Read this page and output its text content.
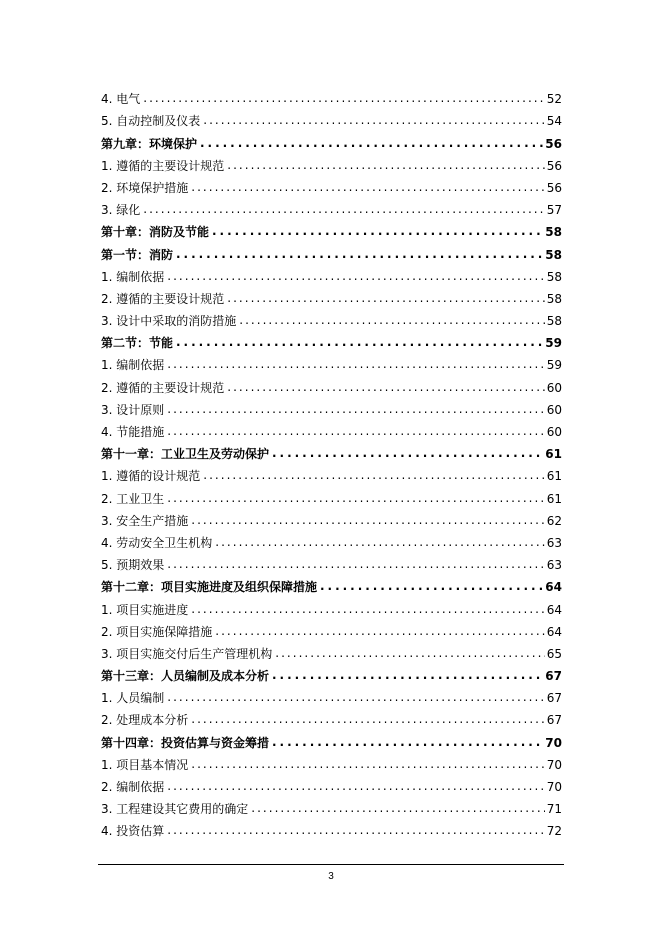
4. 电气 . . .	52
5. 自动控制及仪表 . . .	54
第九章：环境保护 . . .	56
1. 遵循的主要设计规范 . . .	56
2. 环境保护措施 . . .	56
3. 绿化 . . .	57
第十章：消防及节能 . . .	58
第一节：消防 . . .	58
1. 编制依据 . . .	58
2. 遵循的主要设计规范 . . .	58
3. 设计中采取的消防措施 . . .	58
第二节：节能 . . .	59
1. 编制依据 . . .	59
2. 遵循的主要设计规范 . . .	60
3. 设计原则 . . .	60
4. 节能措施 . . .	60
第十一章：工业卫生及劳动保护 . . .	61
1. 遵循的设计规范 . . .	61
2. 工业卫生 . . .	61
3. 安全生产措施 . . .	62
4. 劳动安全卫生机构 . . .	63
5. 预期效果 . . .	63
第十二章：项目实施进度及组织保障措施 . . .	64
1. 项目实施进度 . . .	64
2. 项目实施保障措施 . . .	64
3. 项目实施交付后生产管理机构 . . .	65
第十三章：人员编制及成本分析 . . .	67
1. 人员编制 . . .	67
2. 处理成本分析 . . .	67
第十四章：投资估算与资金筹措 . . .	70
1. 项目基本情况 . . .	70
2. 编制依据 . . .	70
3. 工程建设其它费用的确定 . . .	71
4. 投资估算 . . .	72
3
